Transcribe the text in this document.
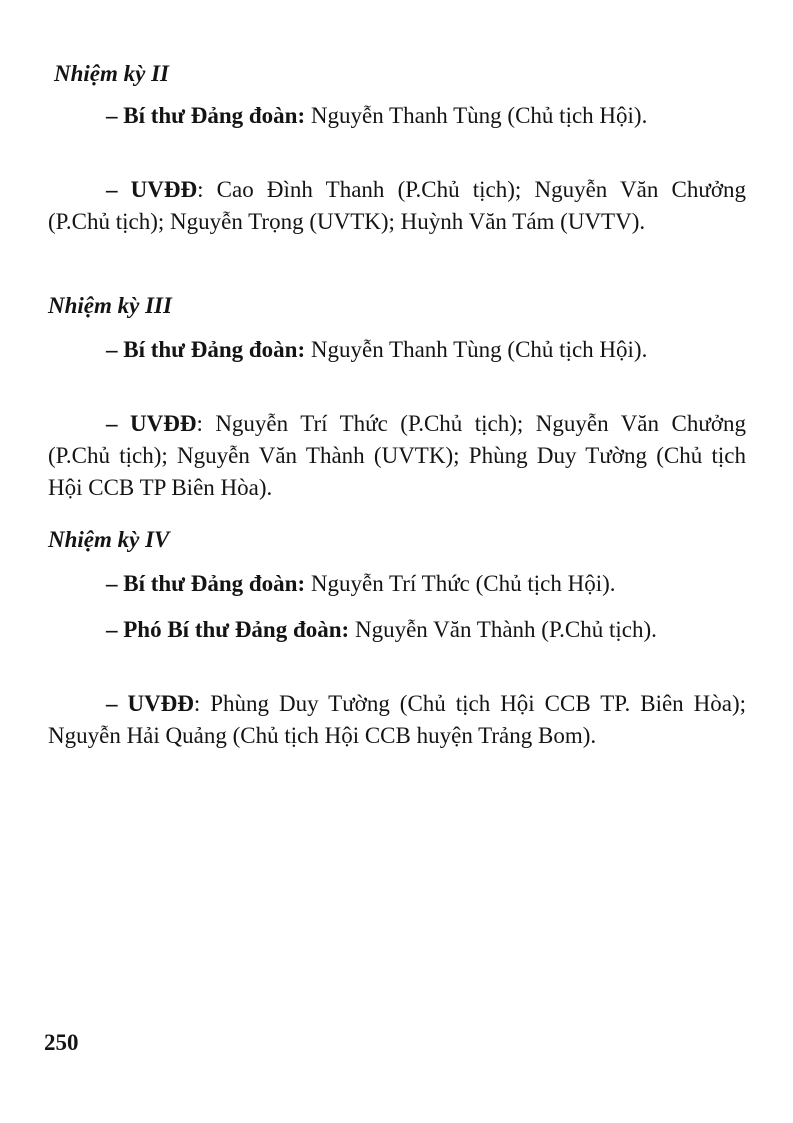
Nhiệm kỳ II

– Bí thư Đảng đoàn: Nguyễn Thanh Tùng (Chủ tịch Hội).

– UVĐĐ: Cao Đình Thanh (P.Chủ tịch); Nguyễn Văn Chưởng (P.Chủ tịch); Nguyễn Trọng (UVTK); Huỳnh Văn Tám (UVTV).

Nhiệm kỳ III

– Bí thư Đảng đoàn: Nguyễn Thanh Tùng (Chủ tịch Hội).

– UVĐĐ: Nguyễn Trí Thức (P.Chủ tịch); Nguyễn Văn Chưởng (P.Chủ tịch); Nguyễn Văn Thành (UVTK); Phùng Duy Tường (Chủ tịch Hội CCB TP Biên Hòa).

Nhiệm kỳ IV

– Bí thư Đảng đoàn: Nguyễn Trí Thức (Chủ tịch Hội).

– Phó Bí thư Đảng đoàn: Nguyễn Văn Thành (P.Chủ tịch).

– UVĐĐ: Phùng Duy Tường (Chủ tịch Hội CCB TP. Biên Hòa); Nguyễn Hải Quảng (Chủ tịch Hội CCB huyện Trảng Bom).

250
